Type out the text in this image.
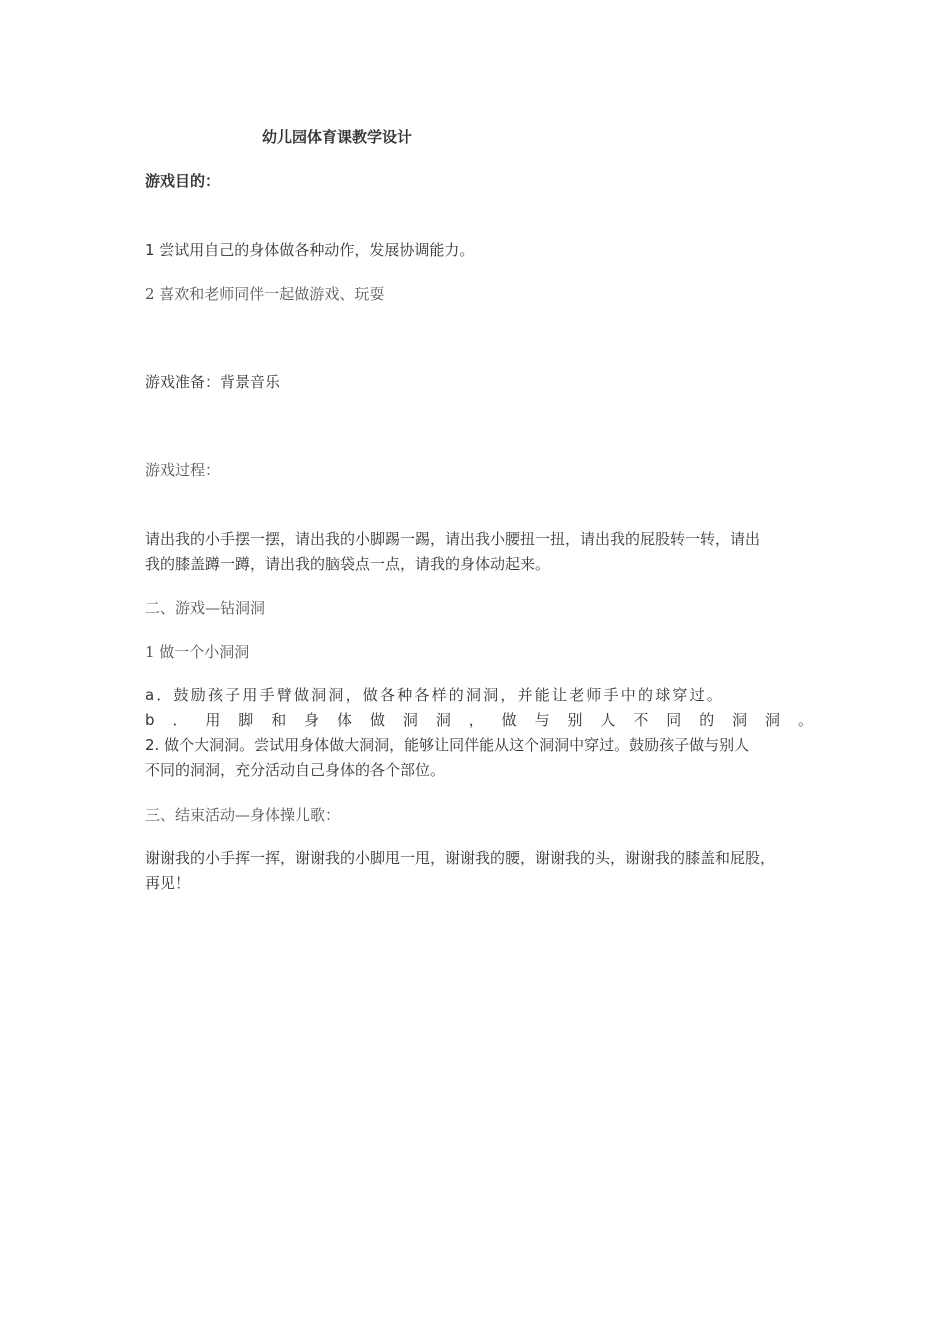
幼儿园体育课教学设计
游戏目的：
1 尝试用自己的身体做各种动作，发展协调能力。
2 喜欢和老师同伴一起做游戏、玩耍
游戏准备：背景音乐
游戏过程：
请出我的小手摆一摆，请出我的小脚踢一踢，请出我小腰扭一扭，请出我的屁股转一转，请出
我的膝盖蹲一蹲，请出我的脑袋点一点，请我的身体动起来。
二、游戏—钻洞洞
1 做一个小洞洞
a．鼓励孩子用手臂做洞洞，做各种各样的洞洞，并能让老师手中的球穿过。
b ． 用 脚 和 身 体 做 洞 洞 ， 做 与 别 人 不 同 的 洞 洞 。
2. 做个大洞洞。尝试用身体做大洞洞，能够让同伴能从这个洞洞中穿过。鼓励孩子做与别人
不同的洞洞，充分活动自己身体的各个部位。
三、结束活动—身体操儿歌：
谢谢我的小手挥一挥，谢谢我的小脚甩一甩，谢谢我的腰，谢谢我的头，谢谢我的膝盖和屁股，
再见！
